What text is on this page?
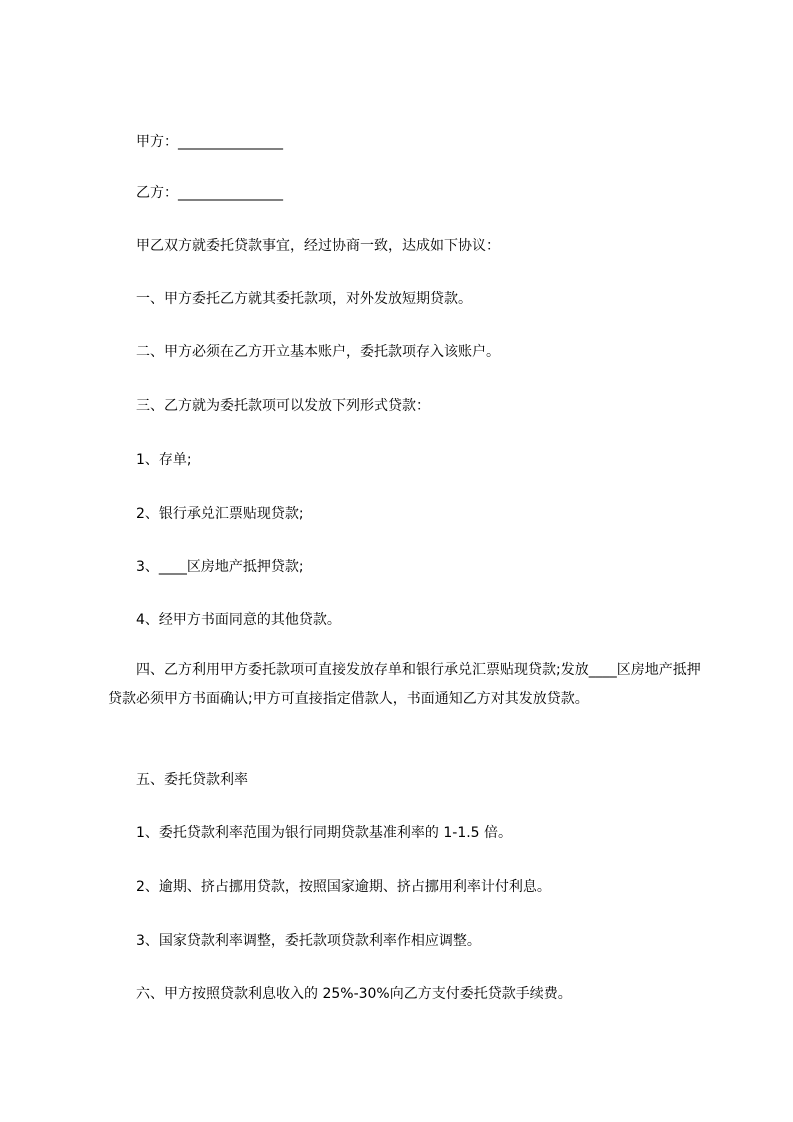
甲方：_______________
乙方：_______________
甲乙双方就委托贷款事宜，经过协商一致，达成如下协议：
一、甲方委托乙方就其委托款项，对外发放短期贷款。
二、甲方必须在乙方开立基本账户，委托款项存入该账户。
三、乙方就为委托款项可以发放下列形式贷款：
1、存单;
2、银行承兑汇票贴现贷款;
3、____区房地产抵押贷款;
4、经甲方书面同意的其他贷款。
　　四、乙方利用甲方委托款项可直接发放存单和银行承兑汇票贴现贷款;发放____区房地产抵押贷款必须甲方书面确认;甲方可直接指定借款人，书面通知乙方对其发放贷款。
五、委托贷款利率
1、委托贷款利率范围为银行同期贷款基准利率的 1-1.5 倍。
2、逾期、挤占挪用贷款，按照国家逾期、挤占挪用利率计付利息。
3、国家贷款利率调整，委托款项贷款利率作相应调整。
六、甲方按照贷款利息收入的 25%-30%向乙方支付委托贷款手续费。
